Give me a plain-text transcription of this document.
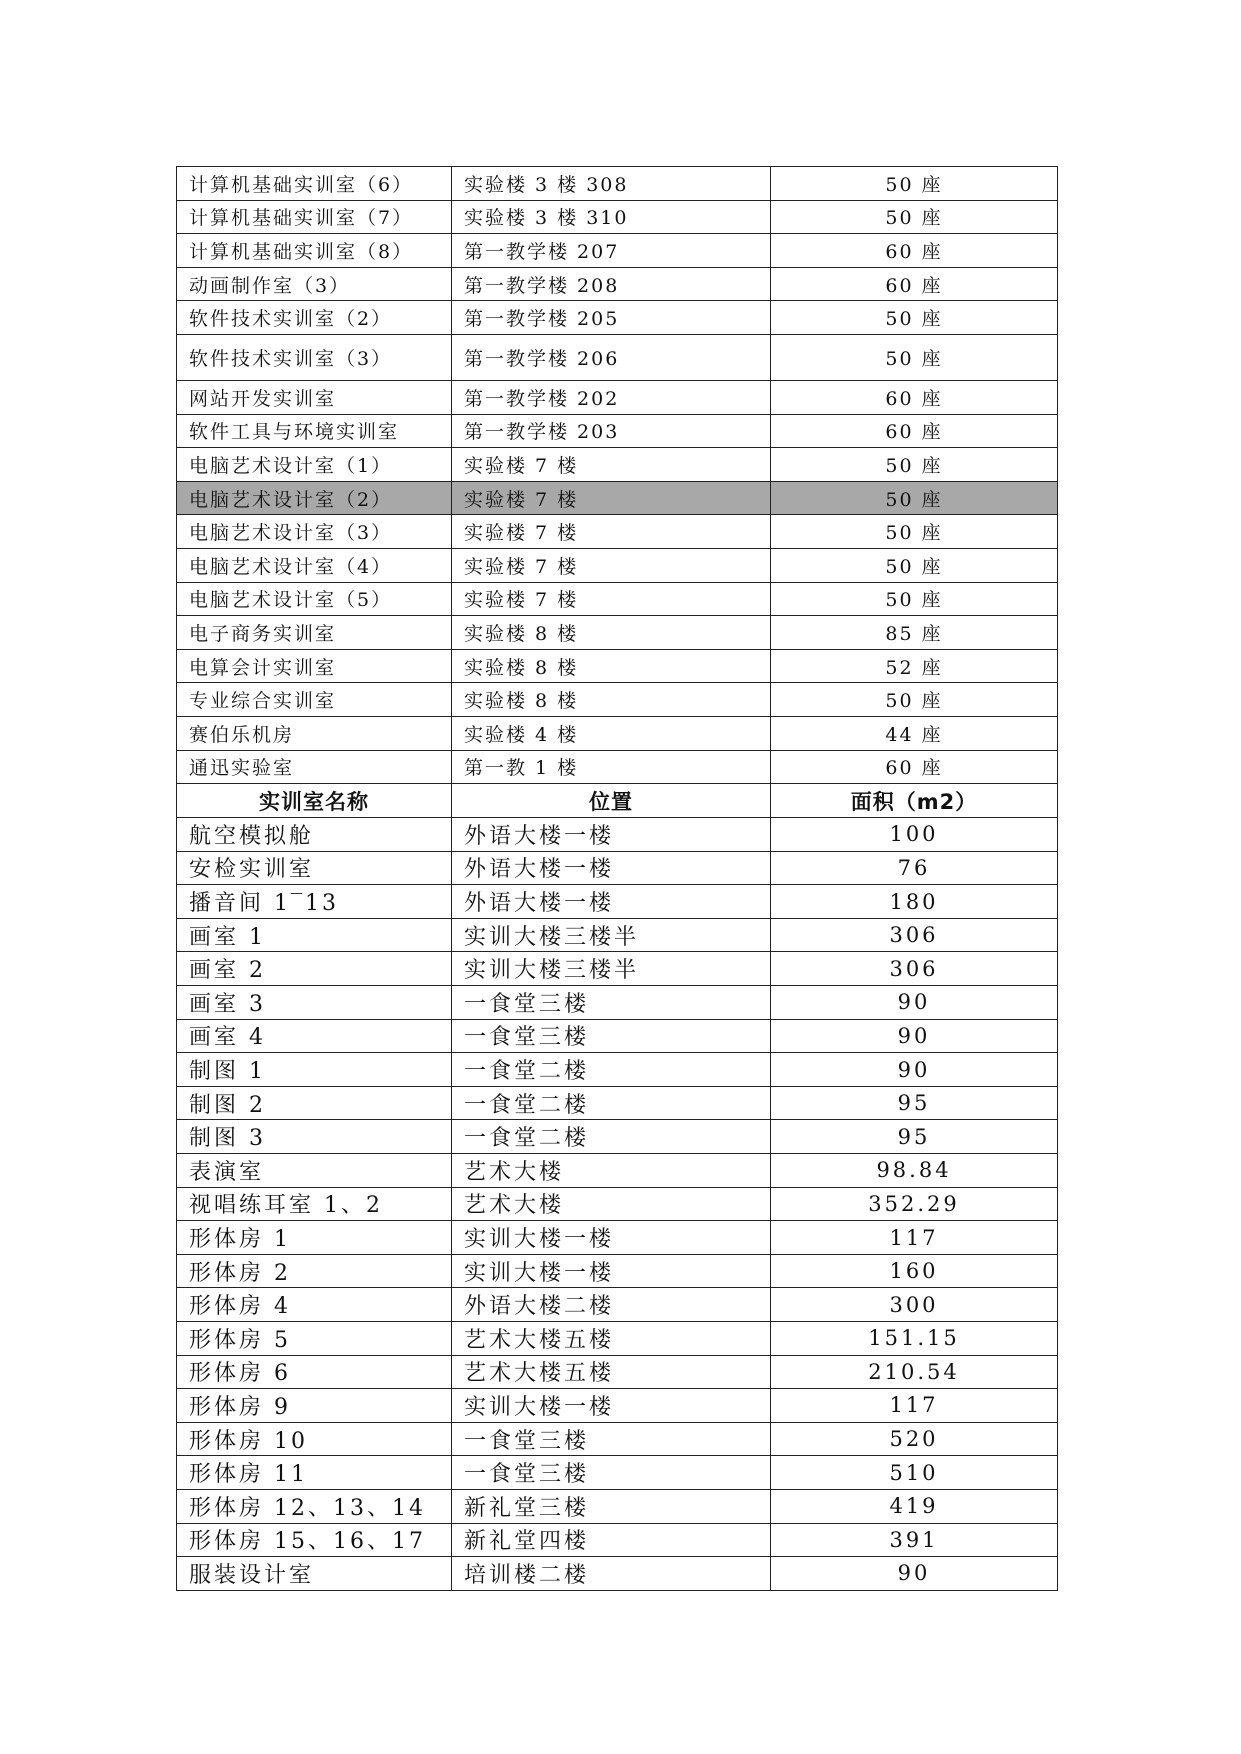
计算机基础实训室（6）	实验楼 3 楼 308	50 座
计算机基础实训室（7）	实验楼 3 楼 310	50 座
计算机基础实训室（8）	第一教学楼 207	60 座
动画制作室（3）	第一教学楼 208	60 座
软件技术实训室（2）	第一教学楼 205	50 座
软件技术实训室（3）	第一教学楼 206	50 座
网站开发实训室	第一教学楼 202	60 座
软件工具与环境实训室	第一教学楼 203	60 座
电脑艺术设计室（1）	实验楼 7 楼	50 座
电脑艺术设计室（2）	实验楼 7 楼	50 座
电脑艺术设计室（3）	实验楼 7 楼	50 座
电脑艺术设计室（4）	实验楼 7 楼	50 座
电脑艺术设计室（5）	实验楼 7 楼	50 座
电子商务实训室	实验楼 8 楼	85 座
电算会计实训室	实验楼 8 楼	52 座
专业综合实训室	实验楼 8 楼	50 座
赛伯乐机房	实验楼 4 楼	44 座
通迅实验室	第一教 1 楼	60 座
实训室名称	位置	面积（m2）
航空模拟舱	外语大楼一楼	100
安检实训室	外语大楼一楼	76
播音间 1‾13	外语大楼一楼	180
画室 1	实训大楼三楼半	306
画室 2	实训大楼三楼半	306
画室 3	一食堂三楼	90
画室 4	一食堂三楼	90
制图 1	一食堂二楼	90
制图 2	一食堂二楼	95
制图 3	一食堂二楼	95
表演室	艺术大楼	98.84
视唱练耳室 1、2	艺术大楼	352.29
形体房 1	实训大楼一楼	117
形体房 2	实训大楼一楼	160
形体房 4	外语大楼二楼	300
形体房 5	艺术大楼五楼	151.15
形体房 6	艺术大楼五楼	210.54
形体房 9	实训大楼一楼	117
形体房 10	一食堂三楼	520
形体房 11	一食堂三楼	510
形体房 12、13、14	新礼堂三楼	419
形体房 15、16、17	新礼堂四楼	391
服装设计室	培训楼二楼	90
